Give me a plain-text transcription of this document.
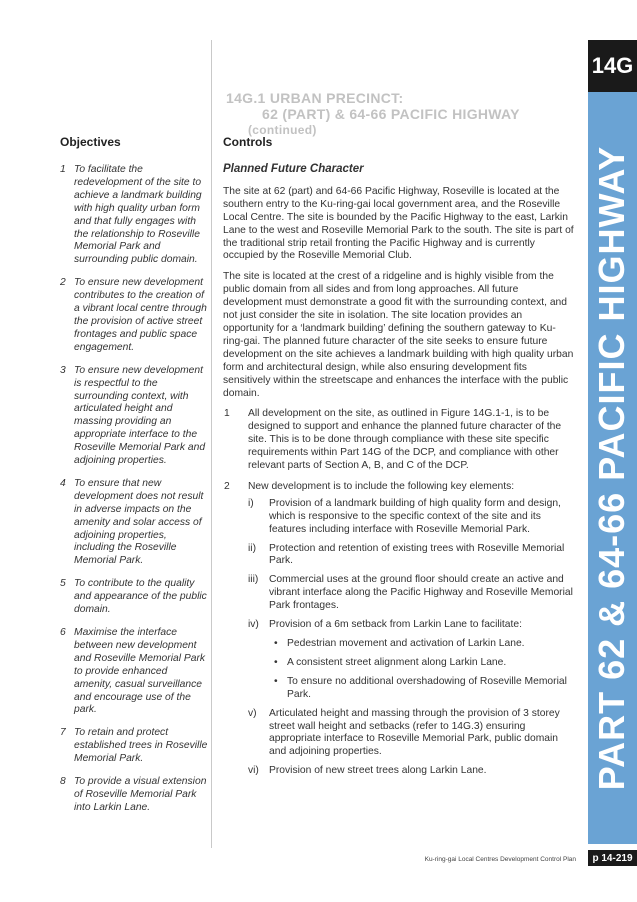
14G.1 URBAN PRECINCT:
62 (PART) & 64-66 PACIFIC HIGHWAY
(continued)
Objectives	Controls
1 To facilitate the redevelopment of the site to achieve a landmark building with high quality urban form and that fully engages with the relationship to Roseville Memorial Park and surrounding public domain.
2 To ensure new development contributes to the creation of a vibrant local centre through the provision of active street frontages and public space engagement.
3 To ensure new development is respectful to the surrounding context, with articulated height and massing providing an appropriate interface to the Roseville Memorial Park and adjoining properties.
4 To ensure that new development does not result in adverse impacts on the amenity and solar access of adjoining properties, including the Roseville Memorial Park.
5 To contribute to the quality and appearance of the public domain.
6 Maximise the interface between new development and Roseville Memorial Park to provide enhanced amenity, casual surveillance and encourage use of the park.
7 To retain and protect established trees in Roseville Memorial Park.
8 To provide a visual extension of Roseville Memorial Park into Larkin Lane.
Planned Future Character

The site at 62 (part) and 64-66 Pacific Highway, Roseville is located at the southern entry to the Ku-ring-gai local government area, and the Roseville Local Centre. The site is bounded by the Pacific Highway to the east, Larkin Lane to the west and Roseville Memorial Park to the south. The site is part of the traditional strip retail fronting the Pacific Highway and is currently occupied by the Roseville Memorial Club.

The site is located at the crest of a ridgeline and is highly visible from the public domain from all sides and from long approaches. All future development must demonstrate a good fit with the surrounding context, and not just consider the site in isolation. The site location provides an opportunity for a ‘landmark building’ defining the southern gateway to Ku-ring-gai. The planned future character of the site seeks to ensure future development on the site achieves a landmark building with high quality urban form and architectural design, while also ensuring development fits sensitively within the streetscape and enhances the interface with the public domain.

1 All development on the site, as outlined in Figure 14G.1-1, is to be designed to support and enhance the planned future character of the site. This is to be done through compliance with these site specific requirements within Part 14G of the DCP, and compliance with other relevant parts of Section A, B, and C of the DCP.
2 New development is to include the following key elements:
i) Provision of a landmark building of high quality form and design, which is responsive to the specific context of the site and its features including interface with Roseville Memorial Park.
ii) Protection and retention of existing trees with Roseville Memorial Park.
iii) Commercial uses at the ground floor should create an active and vibrant interface along the Pacific Highway and Roseville Memorial Park frontages.
iv) Provision of a 6m setback from Larkin Lane to facilitate:
• Pedestrian movement and activation of Larkin Lane.
• A consistent street alignment along Larkin Lane.
• To ensure no additional overshadowing of Roseville Memorial Park.
v) Articulated height and massing through the provision of 3 storey street wall height and setbacks (refer to 14G.3) ensuring appropriate interface to Roseville Memorial Park, public domain and adjoining properties.
vi) Provision of new street trees along Larkin Lane.
14G
PART 62 & 64-66 PACIFIC HIGHWAY
p 14-219
Ku-ring-gai Local Centres Development Control Plan
